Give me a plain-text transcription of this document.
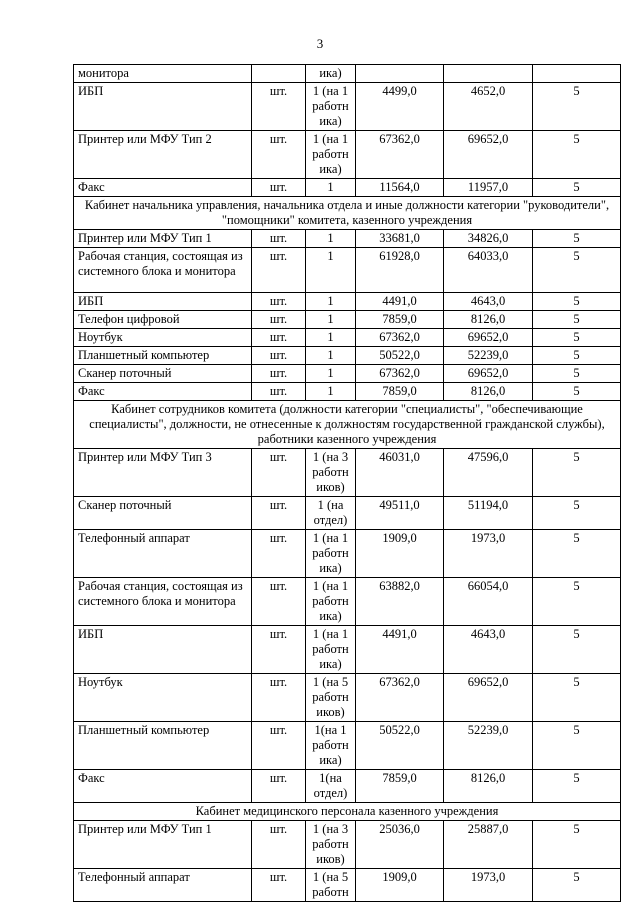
3
монитора		ика)			
ИБП	шт.	1 (на 1
работн
ика)	4499,0	4652,0	5
Принтер или МФУ Тип 2	шт.	1 (на 1
работн
ика)	67362,0	69652,0	5
Факс	шт.	1	11564,0	11957,0	5
Кабинет начальника управления, начальника отдела и иные должности категории "руководители", "помощники" комитета, казенного учреждения					
Принтер или МФУ Тип 1	шт.	1	33681,0	34826,0	5
Рабочая станция, состоящая из системного блока и монитора	шт.	1	61928,0	64033,0	5
ИБП	шт.	1	4491,0	4643,0	5
Телефон цифровой	шт.	1	7859,0	8126,0	5
Ноутбук	шт.	1	67362,0	69652,0	5
Планшетный компьютер	шт.	1	50522,0	52239,0	5
Сканер поточный	шт.	1	67362,0	69652,0	5
Факс	шт.	1	7859,0	8126,0	5
Кабинет сотрудников комитета (должности категории "специалисты", "обеспечивающие специалисты", должности, не отнесенные к должностям государственной гражданской службы), работники казенного учреждения					
Принтер или МФУ Тип 3	шт.	1 (на 3
работн
иков)	46031,0	47596,0	5
Сканер поточный	шт.	1 (на
отдел)	49511,0	51194,0	5
Телефонный аппарат	шт.	1 (на 1
работн
ика)	1909,0	1973,0	5
Рабочая станция, состоящая из системного блока и монитора	шт.	1 (на 1
работн
ика)	63882,0	66054,0	5
ИБП	шт.	1 (на 1
работн
ика)	4491,0	4643,0	5
Ноутбук	шт.	1 (на 5
работн
иков)	67362,0	69652,0	5
Планшетный компьютер	шт.	1(на 1
работн
ика)	50522,0	52239,0	5
Факс	шт.	1(на
отдел)	7859,0	8126,0	5
Кабинет медицинского персонала казенного учреждения					
Принтер или МФУ Тип 1	шт.	1 (на 3
работн
иков)	25036,0	25887,0	5
Телефонный аппарат	шт.	1 (на 5
работн	1909,0	1973,0	5
